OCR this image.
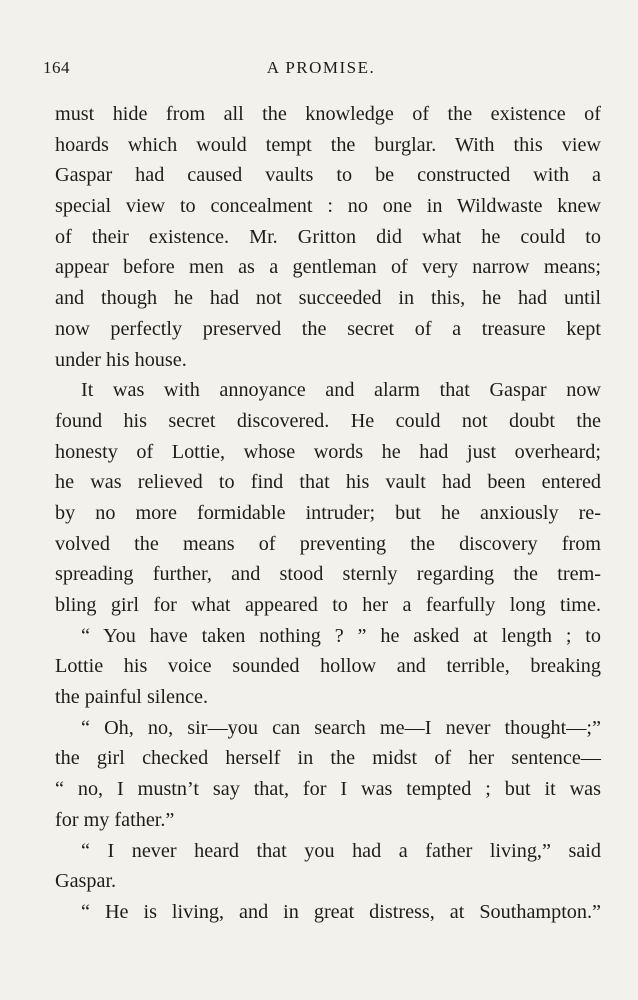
164	A PROMISE.
must hide from all the knowledge of the existence of
hoards which would tempt the burglar. With this view
Gaspar had caused vaults to be constructed with a
special view to concealment : no one in Wildwaste knew
of their existence. Mr. Gritton did what he could to
appear before men as a gentleman of very narrow means;
and though he had not succeeded in this, he had until
now perfectly preserved the secret of a treasure kept
under his house.
It was with annoyance and alarm that Gaspar now
found his secret discovered. He could not doubt the
honesty of Lottie, whose words he had just overheard;
he was relieved to find that his vault had been entered
by no more formidable intruder; but he anxiously re-
volved the means of preventing the discovery from
spreading further, and stood sternly regarding the trem-
bling girl for what appeared to her a fearfully long time.
“ You have taken nothing ? ” he asked at length ; to
Lottie his voice sounded hollow and terrible, breaking
the painful silence.
“ Oh, no, sir—you can search me—I never thought—;”
the girl checked herself in the midst of her sentence—
“ no, I mustn’t say that, for I was tempted ; but it was
for my father.”
“ I never heard that you had a father living,” said
Gaspar.
“ He is living, and in great distress, at Southampton.”
